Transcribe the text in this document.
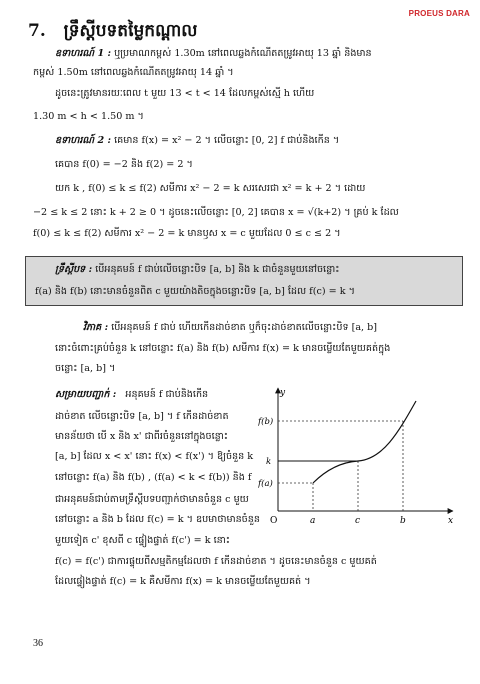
PROEUS DARA
7. ទ្រឹស្តីបទតម្លៃកណ្តាល
ឧទាហរណ៍ 1 : ឬប្រមាណកម្ពស់ 1.30m នៅពេលឆ្លងកំណើតតម្រូវអាយុ 13 ឆ្នាំ និងមាន
កម្ពស់ 1.50m នៅពេលឆ្លងកំណើតតម្រូវអាយុ 14 ឆ្នាំ ។
ដូចនេះត្រូវមានរយៈពេល t មួយ 13 < t < 14 ដែលកម្ពស់ស្មើ h ហើយ
1.30 m < h < 1.50 m ។
ឧទាហរណ៍ 2 : គេមាន f(x) = x² − 2 ។ លើចន្លោះ [0, 2] f ជាប់និងកើន ។
គេបាន f(0) = −2 និង f(2) = 2 ។
យក k , f(0) ≤ k ≤ f(2) សមីការ x² − 2 = k សរសេរជា x² = k + 2 ។ ដោយ
−2 ≤ k ≤ 2 នោះ k + 2 ≥ 0 ។ ដូចនេះលើចន្លោះ [0, 2] គេបាន x = √(k+2) ។ គ្រប់ k ដែល
f(0) ≤ k ≤ f(2) សមីការ x² − 2 = k មានឫស x = c មួយដែល 0 ≤ c ≤ 2 ។
ទ្រឹស្តីបទ : បើអនុគមន៍ f ជាប់លើចន្លោះបិទ [a, b] និង k ជាចំនួនមួយនៅចន្លោះ
f(a) និង f(b) នោះមានចំនួនពិត c មួយយ៉ាងតិចក្នុងចន្លោះបិទ [a, b] ដែល f(c) = k ។
វិភាគ : បើអនុគមន៍ f ជាប់ ហើយកើនដាច់ខាត ឬក៏ចុះដាច់ខាតលើចន្លោះបិទ [a, b]
នោះចំពោះគ្រប់ចំនួន k នៅចន្លោះ f(a) និង f(b) សមីការ f(x) = k មានចម្លើយតែមួយគត់ក្នុង
ចន្លោះ [a, b] ។
សម្រាយបញ្ជាក់ : អនុគមន៍ f ជាប់និងកើន
ដាច់ខាត លើចន្លោះបិទ [a, b] ។ f កើនដាច់ខាត
មានន័យថា បើ x និង x' ជាពីរចំនួននៅក្នុងចន្លោះ
[a, b] ដែល x < x' នោះ f(x) < f(x') ។ ឱ្យចំនួន k
នៅចន្លោះ f(a) និង f(b) , (f(a) < k < f(b)) និង f
ជាអនុគមន៍ជាប់តាមទ្រឹស្តីបទបញ្ជាក់ថាមានចំនួន c មួយ
នៅចន្លោះ a និង b ដែល f(c) = k ។ ឧបមាថាមានចំនួន
មួយទៀត c' ខុសពី c ផ្ទៀងផ្ទាត់ f(c') = k នោះ
f(c) = f(c') ជាការផ្ទុយពីសម្មតិកម្មដែលថា f កើនដាច់ខាត ។ ដូចនេះមានចំនួន c មួយគត់
ដែលផ្ទៀងផ្ទាត់ f(c) = k គឺសមីការ f(x) = k មានចម្លើយតែមួយគត់ ។
y
x
O
f(b)
k
f(a)
a	c	b
36
